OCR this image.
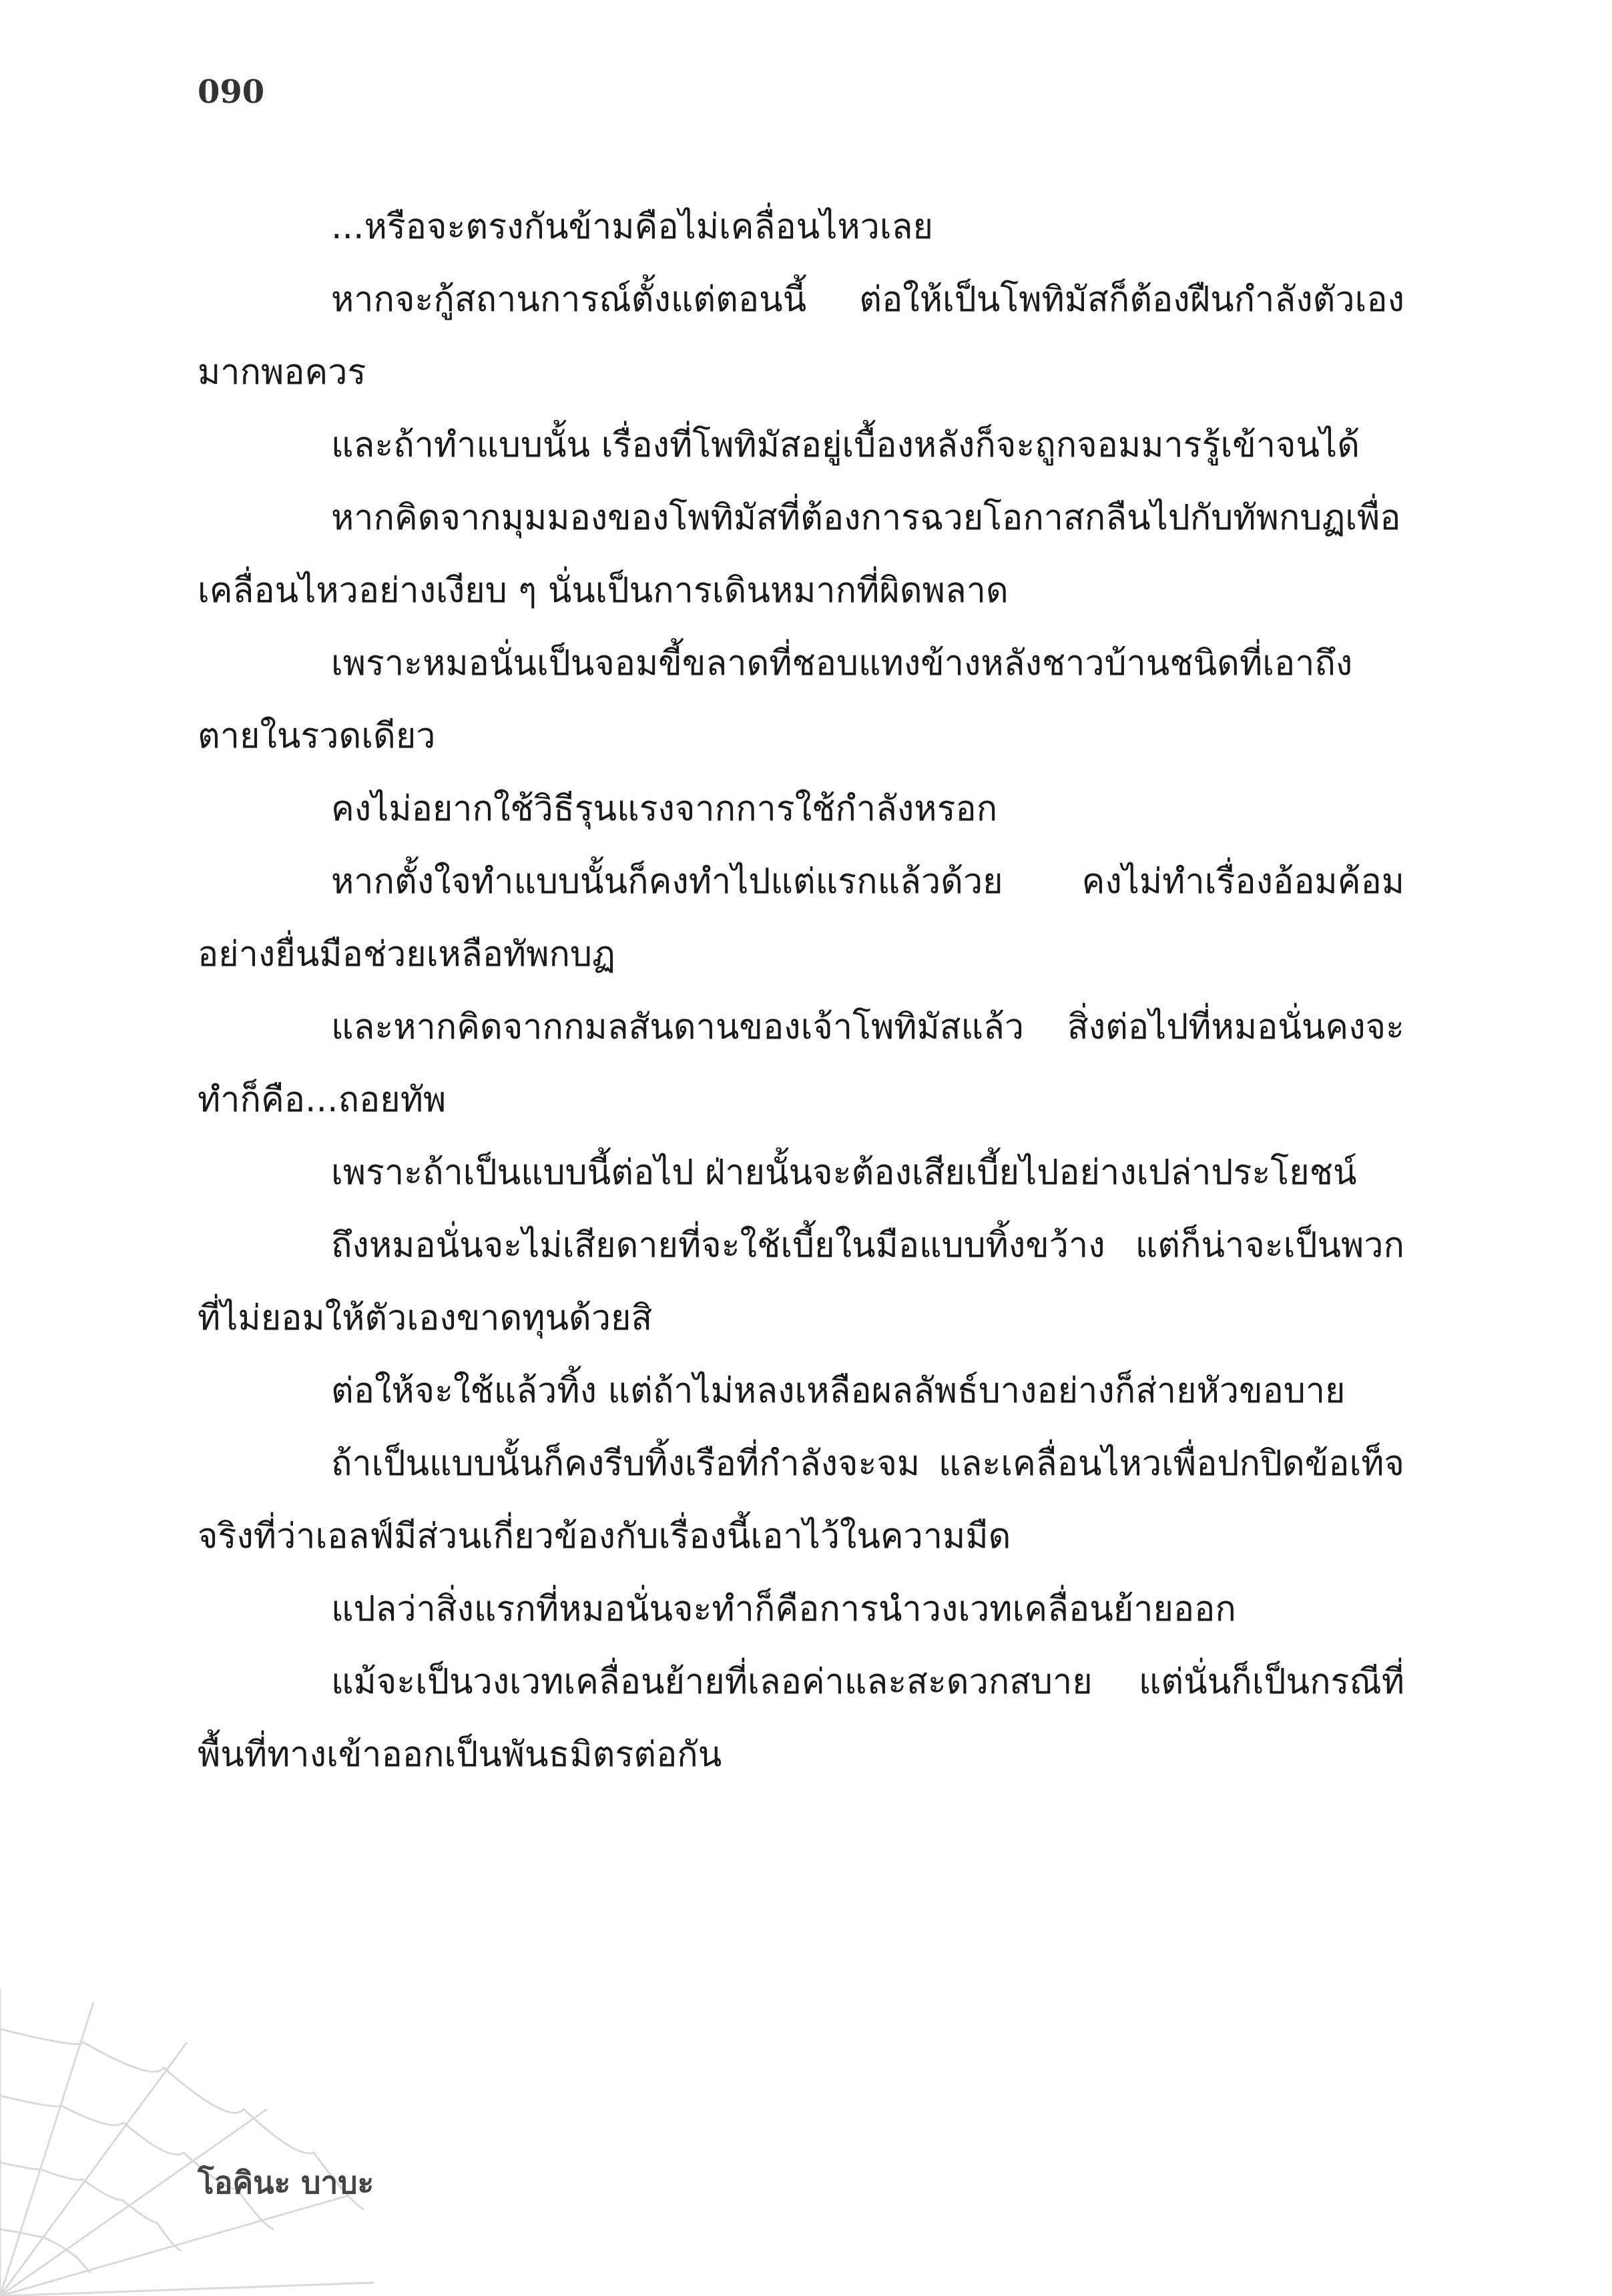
090

...หรือจะตรงกันข้ามคือไม่เคลื่อนไหวเลย

หากจะกู้สถานการณ์ตั้งแต่ตอนนี้ ต่อให้เป็นโพทิมัสก็ต้องฝืนกำลังตัวเองมากพอควร

และถ้าทำแบบนั้น เรื่องที่โพทิมัสอยู่เบื้องหลังก็จะถูกจอมมารรู้เข้าจนได้

หากคิดจากมุมมองของโพทิมัสที่ต้องการฉวยโอกาสกลืนไปกับทัพกบฏเพื่อเคลื่อนไหวอย่างเงียบ ๆ นั่นเป็นการเดินหมากที่ผิดพลาด

เพราะหมอนั่นเป็นจอมขี้ขลาดที่ชอบแทงข้างหลังชาวบ้านชนิดที่เอาถึงตายในรวดเดียว

คงไม่อยากใช้วิธีรุนแรงจากการใช้กำลังหรอก

หากตั้งใจทำแบบนั้นก็คงทำไปแต่แรกแล้วด้วย คงไม่ทำเรื่องอ้อมค้อมอย่างยื่นมือช่วยเหลือทัพกบฏ

และหากคิดจากกมลสันดานของเจ้าโพทิมัสแล้ว สิ่งต่อไปที่หมอนั่นคงจะทำก็คือ...ถอยทัพ

เพราะถ้าเป็นแบบนี้ต่อไป ฝ่ายนั้นจะต้องเสียเบี้ยไปอย่างเปล่าประโยชน์

ถึงหมอนั่นจะไม่เสียดายที่จะใช้เบี้ยในมือแบบทิ้งขว้าง แต่ก็น่าจะเป็นพวกที่ไม่ยอมให้ตัวเองขาดทุนด้วยสิ

ต่อให้จะใช้แล้วทิ้ง แต่ถ้าไม่หลงเหลือผลลัพธ์บางอย่างก็ส่ายหัวขอบาย

ถ้าเป็นแบบนั้นก็คงรีบทิ้งเรือที่กำลังจะจม และเคลื่อนไหวเพื่อปกปิดข้อเท็จจริงที่ว่าเอลฟ์มีส่วนเกี่ยวข้องกับเรื่องนี้เอาไว้ในความมืด

แปลว่าสิ่งแรกที่หมอนั่นจะทำก็คือการนำวงเวทเคลื่อนย้ายออก

แม้จะเป็นวงเวทเคลื่อนย้ายที่เลอค่าและสะดวกสบาย แต่นั่นก็เป็นกรณีที่พื้นที่ทางเข้าออกเป็นพันธมิตรต่อกัน

โอคินะ บาบะ
